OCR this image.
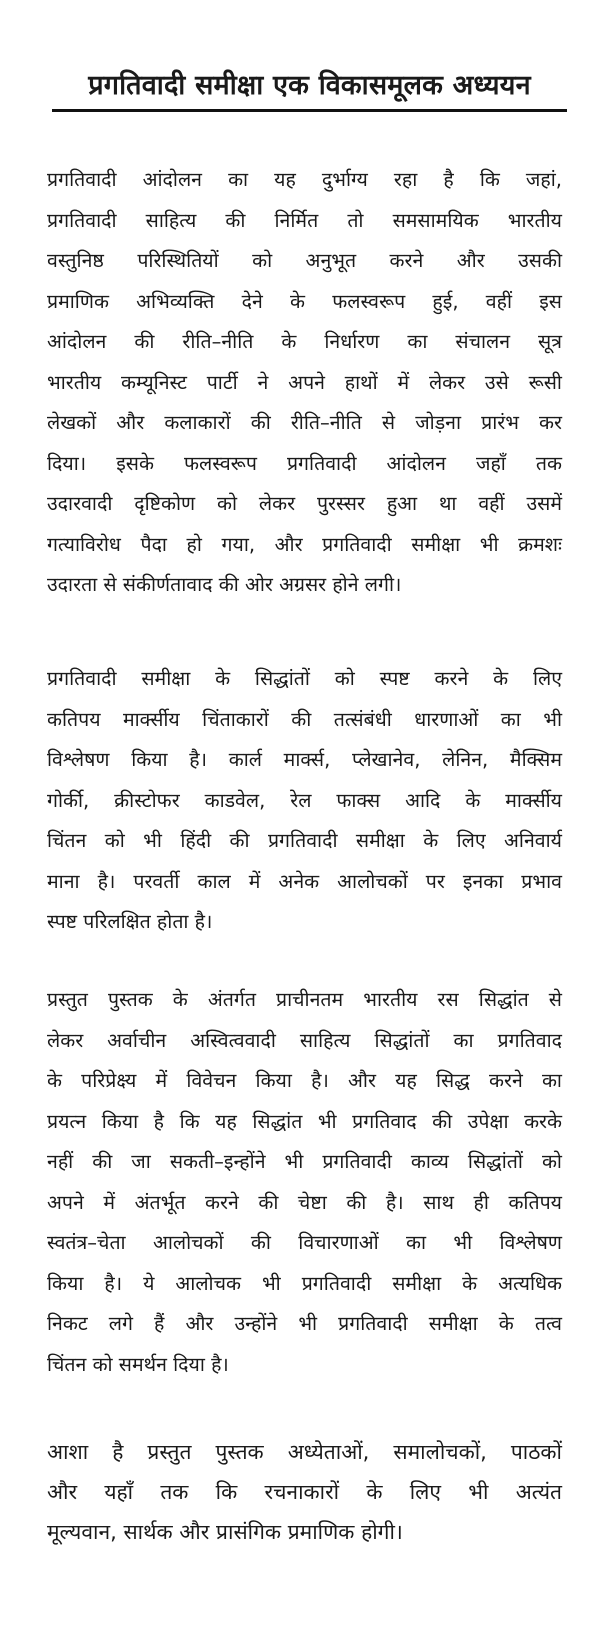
प्रगतिवादी समीक्षा एक विकासमूलक अध्ययन

प्रगतिवादी आंदोलन का यह दुर्भाग्य रहा है कि जहां,
प्रगतिवादी साहित्य की निर्मित तो समसामयिक भारतीय
वस्तुनिष्ठ परिस्थितियों को अनुभूत करने और उसकी
प्रमाणिक अभिव्यक्ति देने के फलस्वरूप हुई, वहीं इस
आंदोलन की रीति–नीति के निर्धारण का संचालन सूत्र
भारतीय कम्यूनिस्ट पार्टी ने अपने हाथों में लेकर उसे रूसी
लेखकों और कलाकारों की रीति–नीति से जोड़ना प्रारंभ कर
दिया। इसके फलस्वरूप प्रगतिवादी आंदोलन जहाँ तक
उदारवादी दृष्टिकोण को लेकर पुरस्सर हुआ था वहीं उसमें
गत्याविरोध पैदा हो गया, और प्रगतिवादी समीक्षा भी क्रमशः
उदारता से संकीर्णतावाद की ओर अग्रसर होने लगी।

प्रगतिवादी समीक्षा के सिद्धांतों को स्पष्ट करने के लिए
कतिपय मार्क्सीय चिंताकारों की तत्संबंधी धारणाओं का भी
विश्लेषण किया है। कार्ल मार्क्स, प्लेखानेव, लेनिन, मैक्सिम
गोर्की, क्रीस्टोफर काडवेल, रेल फाक्स आदि के मार्क्सीय
चिंतन को भी हिंदी की प्रगतिवादी समीक्षा के लिए अनिवार्य
माना है। परवर्ती काल में अनेक आलोचकों पर इनका प्रभाव
स्पष्ट परिलक्षित होता है।

प्रस्तुत पुस्तक के अंतर्गत प्राचीनतम भारतीय रस सिद्धांत से
लेकर अर्वाचीन अस्वित्ववादी साहित्य सिद्धांतों का प्रगतिवाद
के परिप्रेक्ष्य में विवेचन किया है। और यह सिद्ध करने का
प्रयत्न किया है कि यह सिद्धांत भी प्रगतिवाद की उपेक्षा करके
नहीं की जा सकती–इन्होंने भी प्रगतिवादी काव्य सिद्धांतों को
अपने में अंतर्भूत करने की चेष्टा की है। साथ ही कतिपय
स्वतंत्र–चेता आलोचकों की विचारणाओं का भी विश्लेषण
किया है। ये आलोचक भी प्रगतिवादी समीक्षा के अत्यधिक
निकट लगे हैं और उन्होंने भी प्रगतिवादी समीक्षा के तत्व
चिंतन को समर्थन दिया है।

आशा है प्रस्तुत पुस्तक अध्येताओं, समालोचकों, पाठकों
और यहाँ तक कि रचनाकारों के लिए भी अत्यंत
मूल्यवान, सार्थक और प्रासंगिक प्रमाणिक होगी।
